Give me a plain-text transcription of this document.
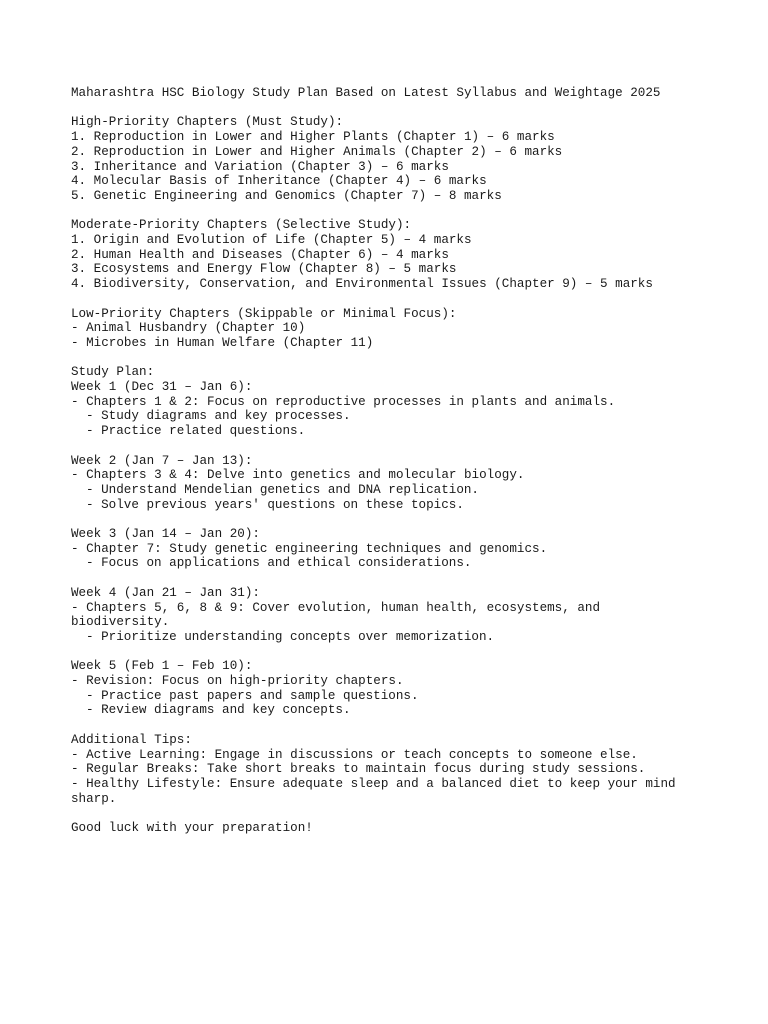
Maharashtra HSC Biology Study Plan Based on Latest Syllabus and Weightage 2025
High-Priority Chapters (Must Study):
1. Reproduction in Lower and Higher Plants (Chapter 1) – 6 marks
2. Reproduction in Lower and Higher Animals (Chapter 2) – 6 marks
3. Inheritance and Variation (Chapter 3) – 6 marks
4. Molecular Basis of Inheritance (Chapter 4) – 6 marks
5. Genetic Engineering and Genomics (Chapter 7) – 8 marks
Moderate-Priority Chapters (Selective Study):
1. Origin and Evolution of Life (Chapter 5) – 4 marks
2. Human Health and Diseases (Chapter 6) – 4 marks
3. Ecosystems and Energy Flow (Chapter 8) – 5 marks
4. Biodiversity, Conservation, and Environmental Issues (Chapter 9) – 5 marks
Low-Priority Chapters (Skippable or Minimal Focus):
- Animal Husbandry (Chapter 10)
- Microbes in Human Welfare (Chapter 11)
Study Plan:
Week 1 (Dec 31 – Jan 6):
- Chapters 1 & 2: Focus on reproductive processes in plants and animals.
- Study diagrams and key processes.
- Practice related questions.
Week 2 (Jan 7 – Jan 13):
- Chapters 3 & 4: Delve into genetics and molecular biology.
- Understand Mendelian genetics and DNA replication.
- Solve previous years' questions on these topics.
Week 3 (Jan 14 – Jan 20):
- Chapter 7: Study genetic engineering techniques and genomics.
- Focus on applications and ethical considerations.
Week 4 (Jan 21 – Jan 31):
- Chapters 5, 6, 8 & 9: Cover evolution, human health, ecosystems, and biodiversity.
- Prioritize understanding concepts over memorization.
Week 5 (Feb 1 – Feb 10):
- Revision: Focus on high-priority chapters.
- Practice past papers and sample questions.
- Review diagrams and key concepts.
Additional Tips:
- Active Learning: Engage in discussions or teach concepts to someone else.
- Regular Breaks: Take short breaks to maintain focus during study sessions.
- Healthy Lifestyle: Ensure adequate sleep and a balanced diet to keep your mind sharp.
Good luck with your preparation!
